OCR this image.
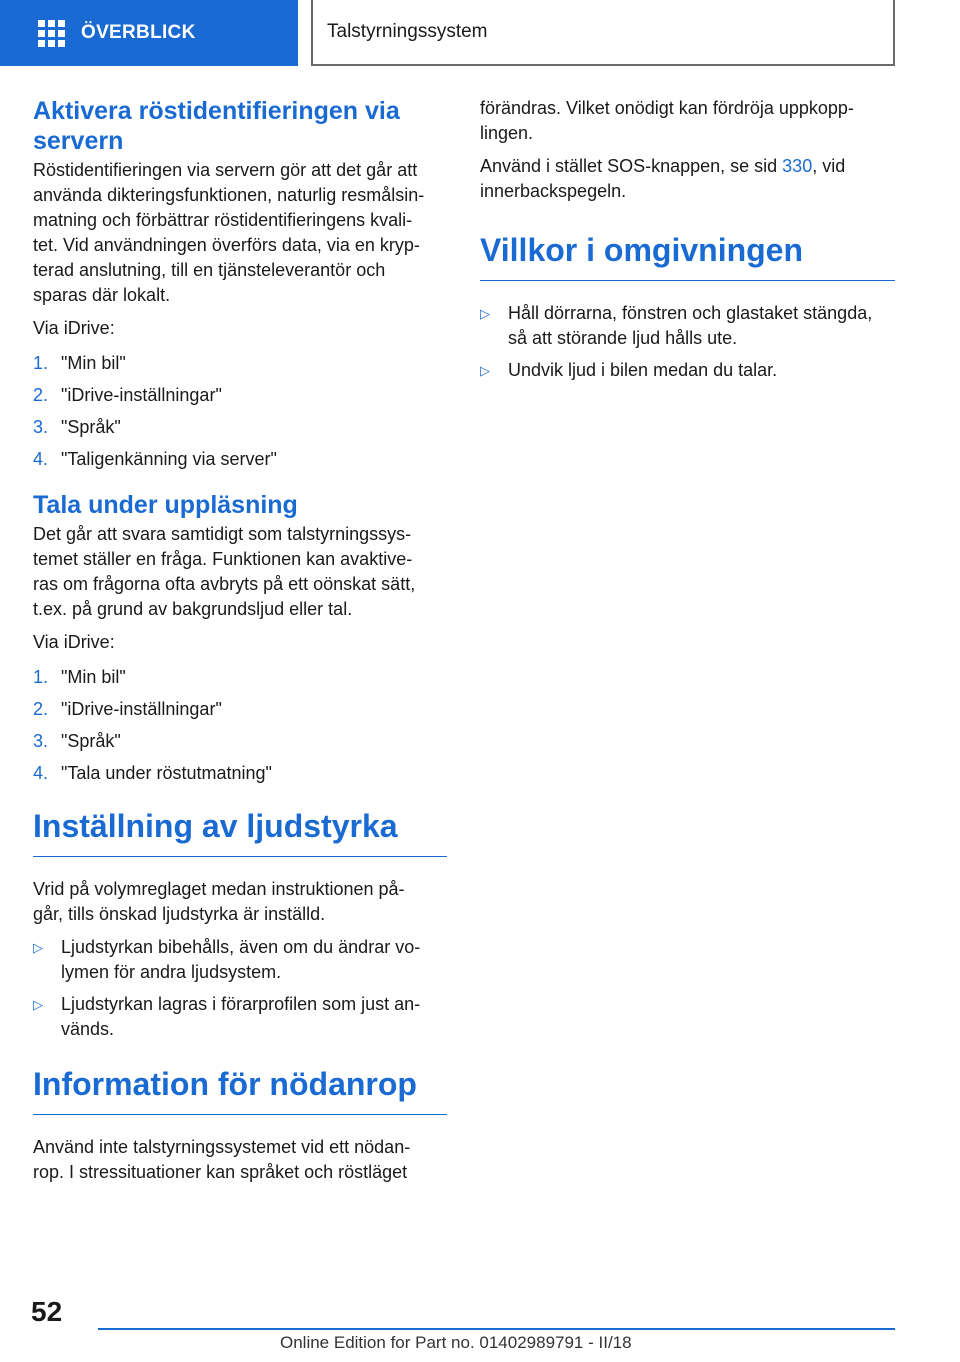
ÖVERBLICK	Talstyrningssystem
Aktivera röstidentifieringen via
servern

Röstidentifieringen via servern gör att det går att
använda dikteringsfunktionen, naturlig resmålsin-
matning och förbättrar röstidentifieringens kvali-
tet. Vid användningen överförs data, via en kryp-
terad anslutning, till en tjänsteleverantör och
sparas där lokalt.

Via iDrive:

1. "Min bil"
2. "iDrive-inställningar"
3. "Språk"
4. "Taligenkänning via server"
Tala under uppläsning

Det går att svara samtidigt som talstyrningssys-
temet ställer en fråga. Funktionen kan avaktive-
ras om frågorna ofta avbryts på ett oönskat sätt,
t.ex. på grund av bakgrundsljud eller tal.

Via iDrive:

1. "Min bil"
2. "iDrive-inställningar"
3. "Språk"
4. "Tala under röstutmatning"
Inställning av ljudstyrka

Vrid på volymreglaget medan instruktionen på-
går, tills önskad ljudstyrka är inställd.

▷	Ljudstyrkan bibehålls, även om du ändrar vo-
lymen för andra ljudsystem.
▷	Ljudstyrkan lagras i förarprofilen som just an-
vänds.
Information för nödanrop

Använd inte talstyrningssystemet vid ett nödan-
rop. I stressituationer kan språket och röstläget

förändras. Vilket onödigt kan fördröja uppkopp-
lingen.

Använd i stället SOS-knappen, se sid 330, vid
innerbackspegeln.

Villkor i omgivningen
▷	Håll dörrarna, fönstren och glastaket stängda,
så att störande ljud hålls ute.
▷	Undvik ljud i bilen medan du talar.
52
Online Edition for Part no. 01402989791 - II/18
